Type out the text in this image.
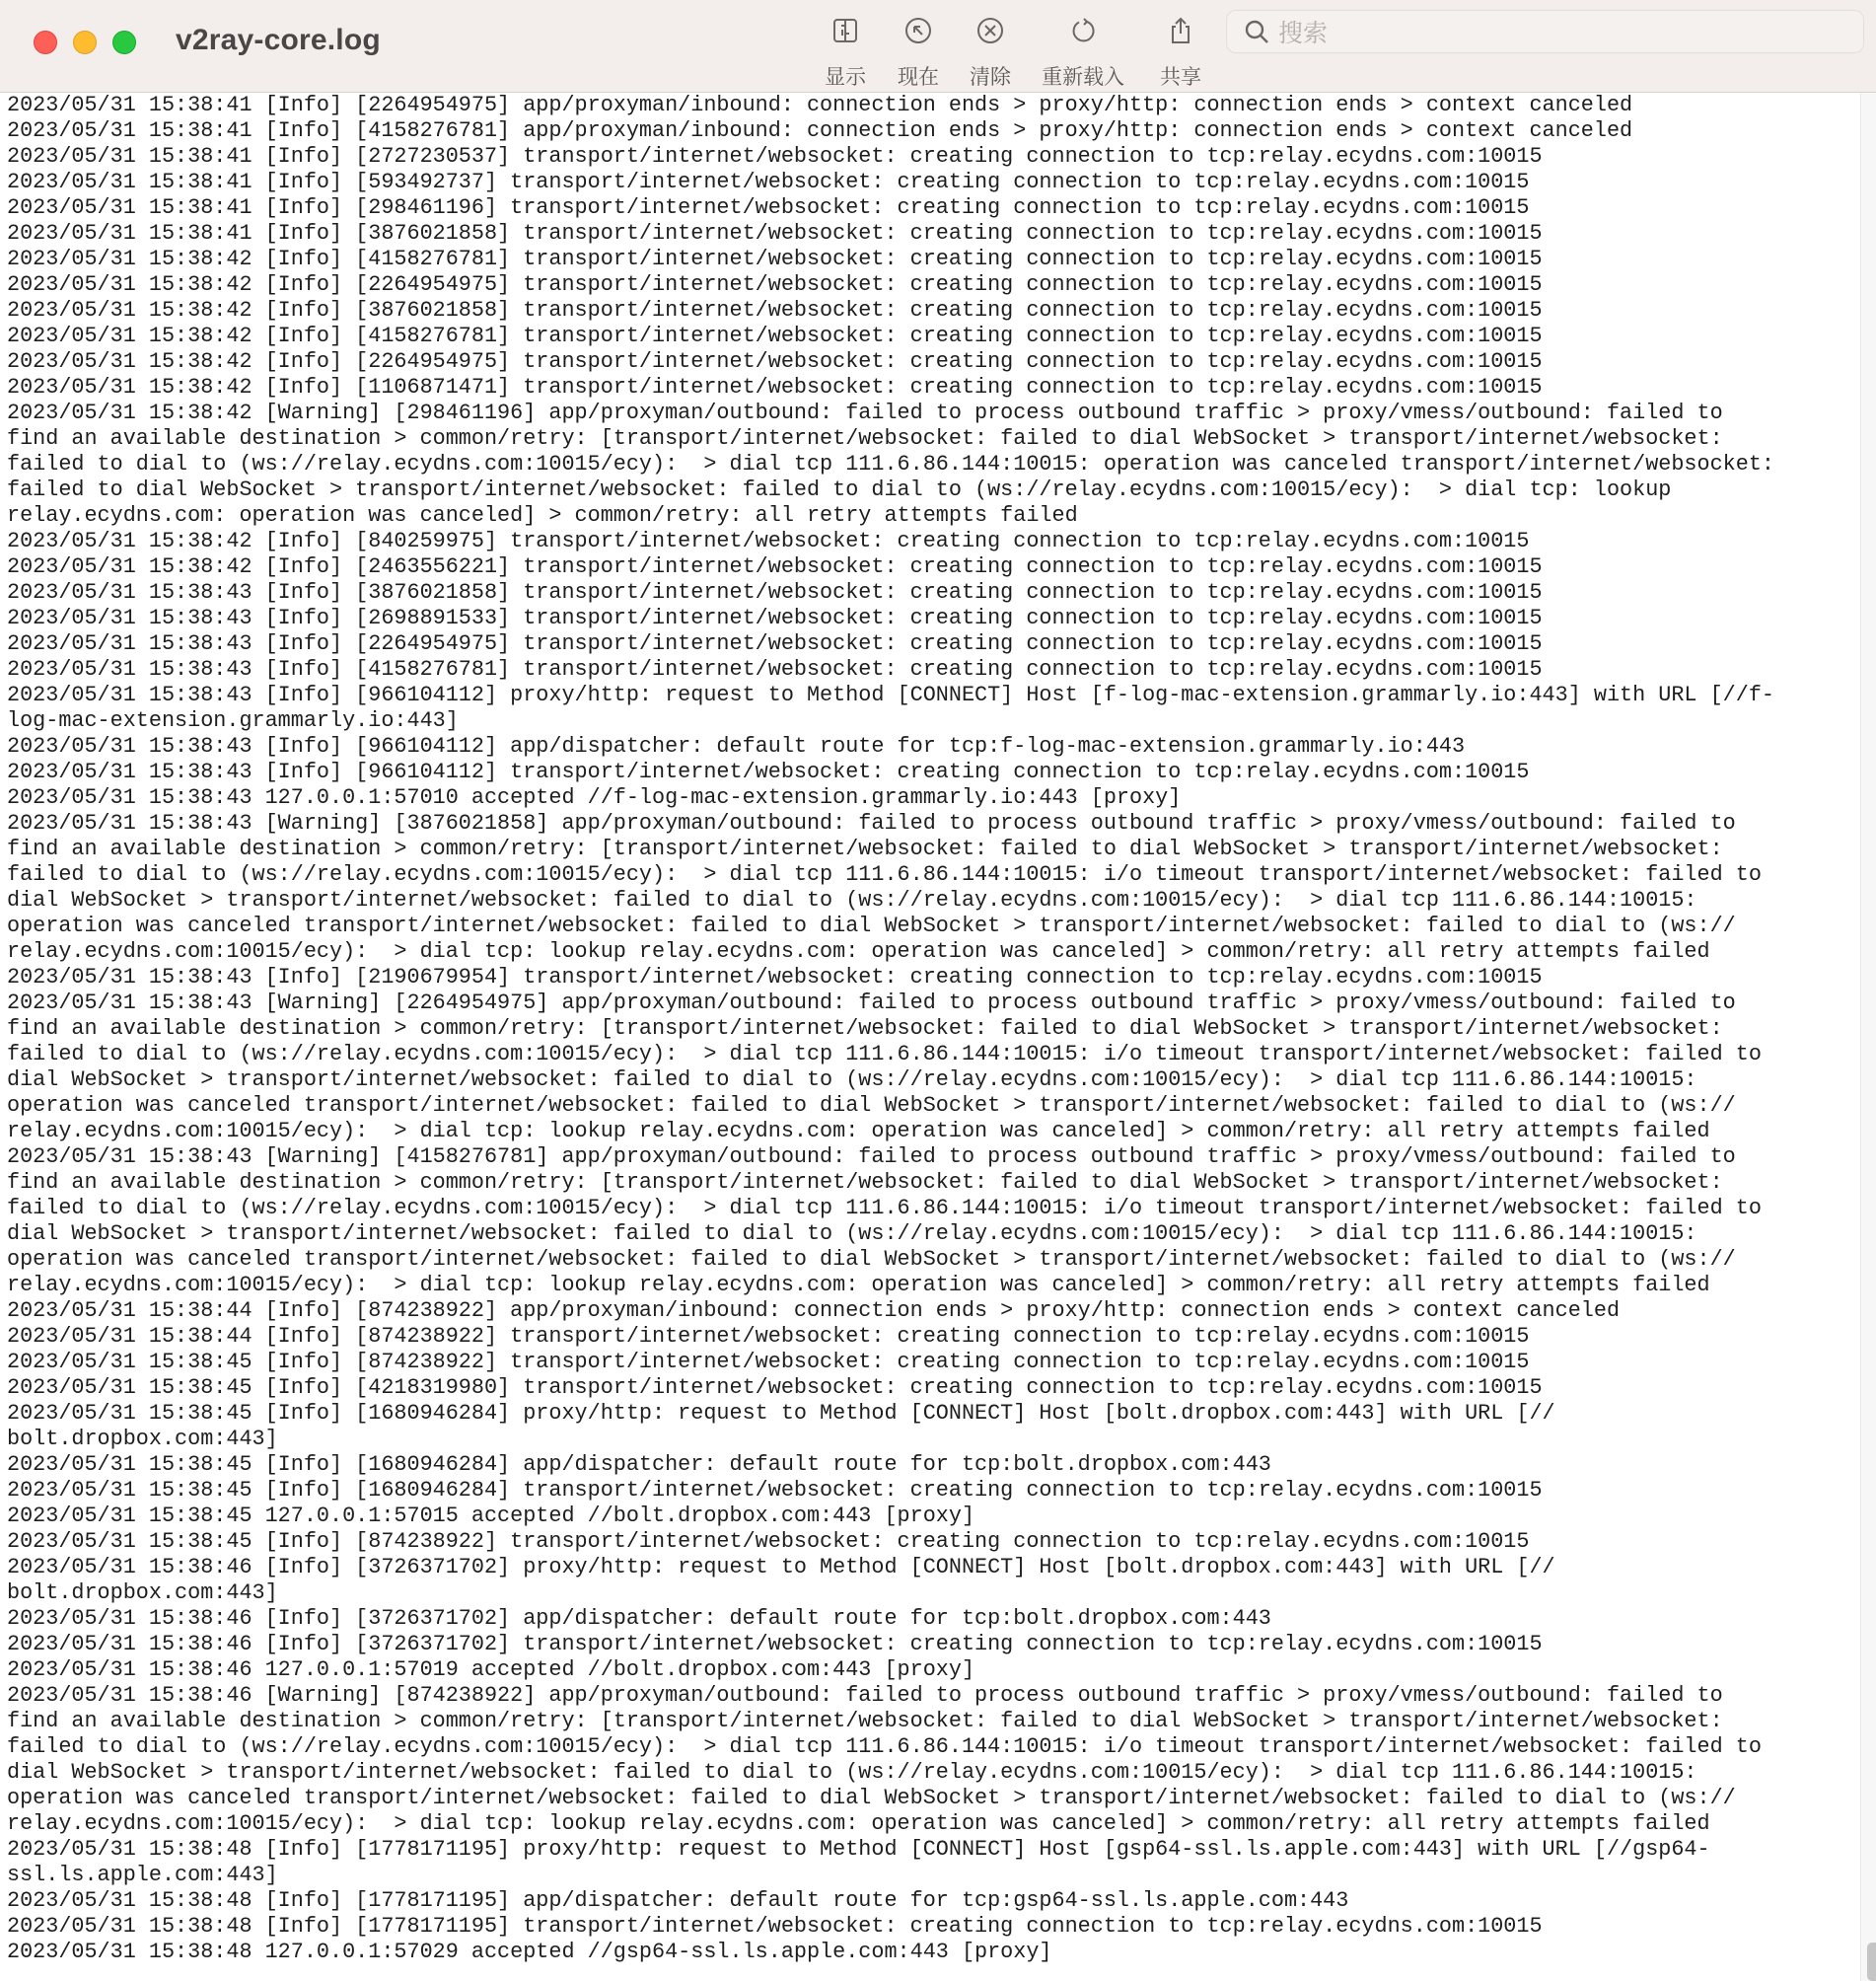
v2ray-core.log
显示 现在 清除 重新载入 共享
搜索
2023/05/31 15:38:41 [Info] [2264954975] app/proxyman/inbound: connection ends > proxy/http: connection ends > context canceled
2023/05/31 15:38:41 [Info] [4158276781] app/proxyman/inbound: connection ends > proxy/http: connection ends > context canceled
2023/05/31 15:38:41 [Info] [2727230537] transport/internet/websocket: creating connection to tcp:relay.ecydns.com:10015
2023/05/31 15:38:41 [Info] [593492737] transport/internet/websocket: creating connection to tcp:relay.ecydns.com:10015
2023/05/31 15:38:41 [Info] [298461196] transport/internet/websocket: creating connection to tcp:relay.ecydns.com:10015
2023/05/31 15:38:41 [Info] [3876021858] transport/internet/websocket: creating connection to tcp:relay.ecydns.com:10015
2023/05/31 15:38:42 [Info] [4158276781] transport/internet/websocket: creating connection to tcp:relay.ecydns.com:10015
2023/05/31 15:38:42 [Info] [2264954975] transport/internet/websocket: creating connection to tcp:relay.ecydns.com:10015
2023/05/31 15:38:42 [Info] [3876021858] transport/internet/websocket: creating connection to tcp:relay.ecydns.com:10015
2023/05/31 15:38:42 [Info] [4158276781] transport/internet/websocket: creating connection to tcp:relay.ecydns.com:10015
2023/05/31 15:38:42 [Info] [2264954975] transport/internet/websocket: creating connection to tcp:relay.ecydns.com:10015
2023/05/31 15:38:42 [Info] [1106871471] transport/internet/websocket: creating connection to tcp:relay.ecydns.com:10015
2023/05/31 15:38:42 [Warning] [298461196] app/proxyman/outbound: failed to process outbound traffic > proxy/vmess/outbound: failed to
find an available destination > common/retry: [transport/internet/websocket: failed to dial WebSocket > transport/internet/websocket:
failed to dial to (ws://relay.ecydns.com:10015/ecy):  > dial tcp 111.6.86.144:10015: operation was canceled transport/internet/websocket:
failed to dial WebSocket > transport/internet/websocket: failed to dial to (ws://relay.ecydns.com:10015/ecy):  > dial tcp: lookup
relay.ecydns.com: operation was canceled] > common/retry: all retry attempts failed
2023/05/31 15:38:42 [Info] [840259975] transport/internet/websocket: creating connection to tcp:relay.ecydns.com:10015
2023/05/31 15:38:42 [Info] [2463556221] transport/internet/websocket: creating connection to tcp:relay.ecydns.com:10015
2023/05/31 15:38:43 [Info] [3876021858] transport/internet/websocket: creating connection to tcp:relay.ecydns.com:10015
2023/05/31 15:38:43 [Info] [2698891533] transport/internet/websocket: creating connection to tcp:relay.ecydns.com:10015
2023/05/31 15:38:43 [Info] [2264954975] transport/internet/websocket: creating connection to tcp:relay.ecydns.com:10015
2023/05/31 15:38:43 [Info] [4158276781] transport/internet/websocket: creating connection to tcp:relay.ecydns.com:10015
2023/05/31 15:38:43 [Info] [966104112] proxy/http: request to Method [CONNECT] Host [f-log-mac-extension.grammarly.io:443] with URL [//f-
log-mac-extension.grammarly.io:443]
2023/05/31 15:38:43 [Info] [966104112] app/dispatcher: default route for tcp:f-log-mac-extension.grammarly.io:443
2023/05/31 15:38:43 [Info] [966104112] transport/internet/websocket: creating connection to tcp:relay.ecydns.com:10015
2023/05/31 15:38:43 127.0.0.1:57010 accepted //f-log-mac-extension.grammarly.io:443 [proxy]
2023/05/31 15:38:43 [Warning] [3876021858] app/proxyman/outbound: failed to process outbound traffic > proxy/vmess/outbound: failed to
find an available destination > common/retry: [transport/internet/websocket: failed to dial WebSocket > transport/internet/websocket:
failed to dial to (ws://relay.ecydns.com:10015/ecy):  > dial tcp 111.6.86.144:10015: i/o timeout transport/internet/websocket: failed to
dial WebSocket > transport/internet/websocket: failed to dial to (ws://relay.ecydns.com:10015/ecy):  > dial tcp 111.6.86.144:10015:
operation was canceled transport/internet/websocket: failed to dial WebSocket > transport/internet/websocket: failed to dial to (ws://
relay.ecydns.com:10015/ecy):  > dial tcp: lookup relay.ecydns.com: operation was canceled] > common/retry: all retry attempts failed
2023/05/31 15:38:43 [Info] [2190679954] transport/internet/websocket: creating connection to tcp:relay.ecydns.com:10015
2023/05/31 15:38:43 [Warning] [2264954975] app/proxyman/outbound: failed to process outbound traffic > proxy/vmess/outbound: failed to
find an available destination > common/retry: [transport/internet/websocket: failed to dial WebSocket > transport/internet/websocket:
failed to dial to (ws://relay.ecydns.com:10015/ecy):  > dial tcp 111.6.86.144:10015: i/o timeout transport/internet/websocket: failed to
dial WebSocket > transport/internet/websocket: failed to dial to (ws://relay.ecydns.com:10015/ecy):  > dial tcp 111.6.86.144:10015:
operation was canceled transport/internet/websocket: failed to dial WebSocket > transport/internet/websocket: failed to dial to (ws://
relay.ecydns.com:10015/ecy):  > dial tcp: lookup relay.ecydns.com: operation was canceled] > common/retry: all retry attempts failed
2023/05/31 15:38:43 [Warning] [4158276781] app/proxyman/outbound: failed to process outbound traffic > proxy/vmess/outbound: failed to
find an available destination > common/retry: [transport/internet/websocket: failed to dial WebSocket > transport/internet/websocket:
failed to dial to (ws://relay.ecydns.com:10015/ecy):  > dial tcp 111.6.86.144:10015: i/o timeout transport/internet/websocket: failed to
dial WebSocket > transport/internet/websocket: failed to dial to (ws://relay.ecydns.com:10015/ecy):  > dial tcp 111.6.86.144:10015:
operation was canceled transport/internet/websocket: failed to dial WebSocket > transport/internet/websocket: failed to dial to (ws://
relay.ecydns.com:10015/ecy):  > dial tcp: lookup relay.ecydns.com: operation was canceled] > common/retry: all retry attempts failed
2023/05/31 15:38:44 [Info] [874238922] app/proxyman/inbound: connection ends > proxy/http: connection ends > context canceled
2023/05/31 15:38:44 [Info] [874238922] transport/internet/websocket: creating connection to tcp:relay.ecydns.com:10015
2023/05/31 15:38:45 [Info] [874238922] transport/internet/websocket: creating connection to tcp:relay.ecydns.com:10015
2023/05/31 15:38:45 [Info] [4218319980] transport/internet/websocket: creating connection to tcp:relay.ecydns.com:10015
2023/05/31 15:38:45 [Info] [1680946284] proxy/http: request to Method [CONNECT] Host [bolt.dropbox.com:443] with URL [//
bolt.dropbox.com:443]
2023/05/31 15:38:45 [Info] [1680946284] app/dispatcher: default route for tcp:bolt.dropbox.com:443
2023/05/31 15:38:45 [Info] [1680946284] transport/internet/websocket: creating connection to tcp:relay.ecydns.com:10015
2023/05/31 15:38:45 127.0.0.1:57015 accepted //bolt.dropbox.com:443 [proxy]
2023/05/31 15:38:45 [Info] [874238922] transport/internet/websocket: creating connection to tcp:relay.ecydns.com:10015
2023/05/31 15:38:46 [Info] [3726371702] proxy/http: request to Method [CONNECT] Host [bolt.dropbox.com:443] with URL [//
bolt.dropbox.com:443]
2023/05/31 15:38:46 [Info] [3726371702] app/dispatcher: default route for tcp:bolt.dropbox.com:443
2023/05/31 15:38:46 [Info] [3726371702] transport/internet/websocket: creating connection to tcp:relay.ecydns.com:10015
2023/05/31 15:38:46 127.0.0.1:57019 accepted //bolt.dropbox.com:443 [proxy]
2023/05/31 15:38:46 [Warning] [874238922] app/proxyman/outbound: failed to process outbound traffic > proxy/vmess/outbound: failed to
find an available destination > common/retry: [transport/internet/websocket: failed to dial WebSocket > transport/internet/websocket:
failed to dial to (ws://relay.ecydns.com:10015/ecy):  > dial tcp 111.6.86.144:10015: i/o timeout transport/internet/websocket: failed to
dial WebSocket > transport/internet/websocket: failed to dial to (ws://relay.ecydns.com:10015/ecy):  > dial tcp 111.6.86.144:10015:
operation was canceled transport/internet/websocket: failed to dial WebSocket > transport/internet/websocket: failed to dial to (ws://
relay.ecydns.com:10015/ecy):  > dial tcp: lookup relay.ecydns.com: operation was canceled] > common/retry: all retry attempts failed
2023/05/31 15:38:48 [Info] [1778171195] proxy/http: request to Method [CONNECT] Host [gsp64-ssl.ls.apple.com:443] with URL [//gsp64-
ssl.ls.apple.com:443]
2023/05/31 15:38:48 [Info] [1778171195] app/dispatcher: default route for tcp:gsp64-ssl.ls.apple.com:443
2023/05/31 15:38:48 [Info] [1778171195] transport/internet/websocket: creating connection to tcp:relay.ecydns.com:10015
2023/05/31 15:38:48 127.0.0.1:57029 accepted //gsp64-ssl.ls.apple.com:443 [proxy]
